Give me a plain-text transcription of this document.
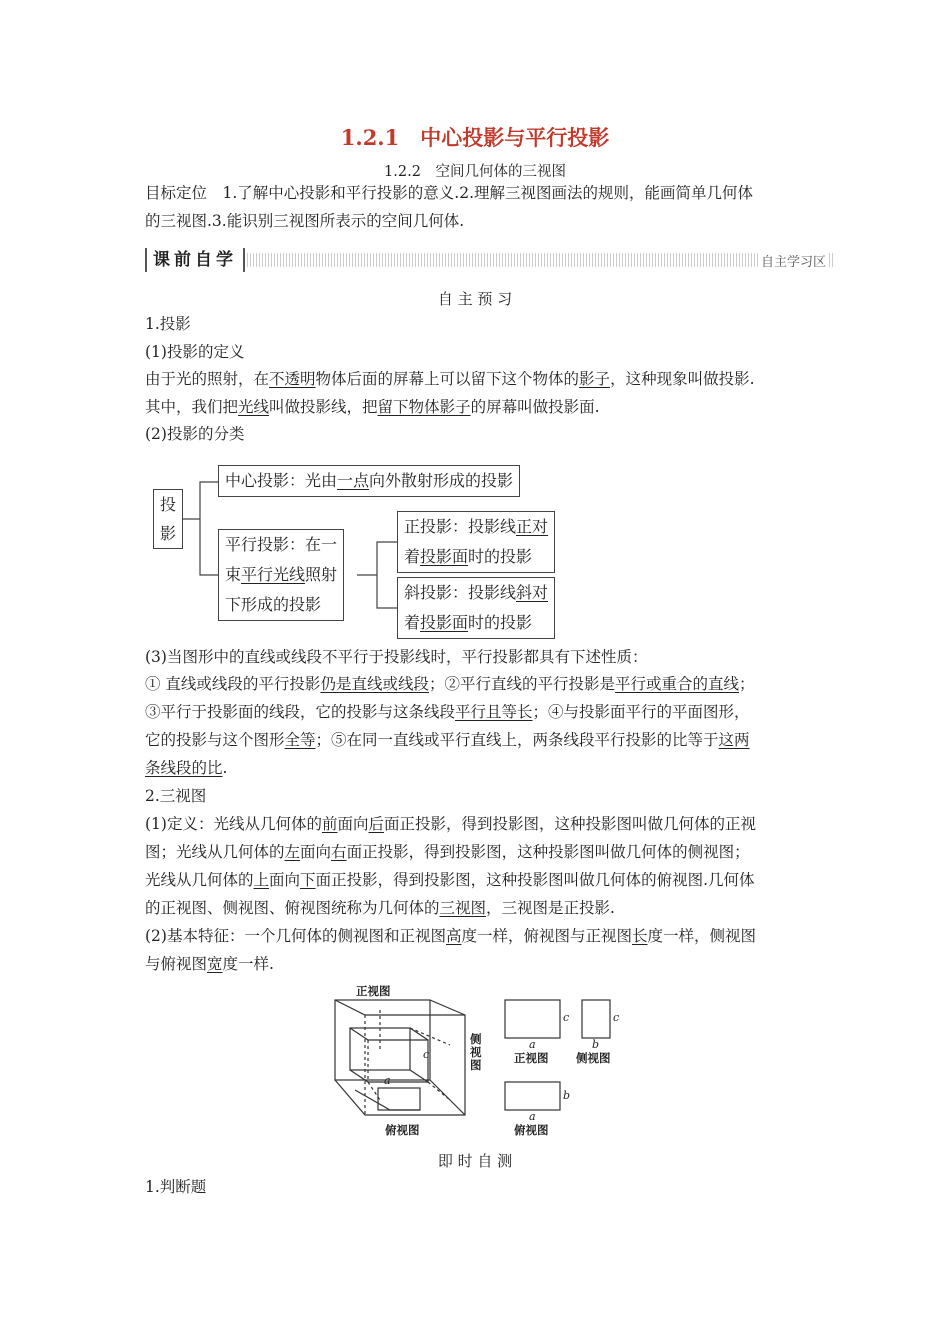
1.2.1　中心投影与平行投影
1.2.2　空间几何体的三视图
目标定位　1.了解中心投影和平行投影的意义.2.理解三视图画法的规则，能画简单几何体
的三视图.3.能识别三视图所表示的空间几何体.
课前自学	自主学习区
自 主 预 习
1.投影
(1)投影的定义
由于光的照射，在不透明物体后面的屏幕上可以留下这个物体的影子，这种现象叫做投影.
其中，我们把光线叫做投影线，把留下物体影子的屏幕叫做投影面.
(2)投影的分类
投
影
中心投影：光由一点向外散射形成的投影
平行投影：在一
束平行光线照射
下形成的投影
正投影：投影线正对
着投影面时的投影
斜投影：投影线斜对
着投影面时的投影
(3)当图形中的直线或线段不平行于投影线时，平行投影都具有下述性质：
① 直线或线段的平行投影仍是直线或线段；②平行直线的平行投影是平行或重合的直线；
③平行于投影面的线段，它的投影与这条线段平行且等长；④与投影面平行的平面图形，
它的投影与这个图形全等；⑤在同一直线或平行直线上，两条线段平行投影的比等于这两
条线段的比.
2.三视图
(1)定义：光线从几何体的前面向后面正投影，得到投影图，这种投影图叫做几何体的正视
图；光线从几何体的左面向右面正投影，得到投影图，这种投影图叫做几何体的侧视图；
光线从几何体的上面向下面正投影，得到投影图，这种投影图叫做几何体的俯视图.几何体
的正视图、侧视图、俯视图统称为几何体的三视图，三视图是正投影.
(2)基本特征：一个几何体的侧视图和正视图高度一样，俯视图与正视图长度一样，侧视图
与俯视图宽度一样.
正视图
侧
视
图
俯视图
a
c
c
a
正视图
c
b
侧视图
b
a
俯视图
即 时 自 测
1.判断题
